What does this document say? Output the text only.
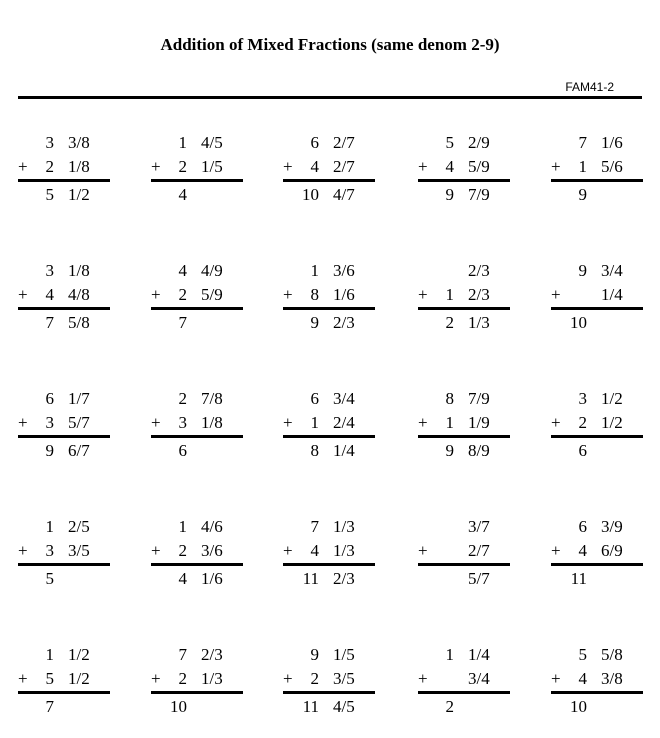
Addition of Mixed Fractions (same denom 2-9)
FAM41-2
3 3/8
+	2 1/8
5 1/2
1 4/5
+	2 1/5
4
6 2/7
+	4 2/7
10 4/7
5 2/9
+	4 5/9
9 7/9
7 1/6
+	1 5/6
9
3 1/8
+	4 4/8
7 5/8
4 4/9
+	2 5/9
7
1 3/6
+	8 1/6
9 2/3
2/3
+	1 2/3
2 1/3
9 3/4
+ 1/4
10
6 1/7
+	3 5/7
9 6/7
2 7/8
+	3 1/8
6
6 3/4
+	1 2/4
8 1/4
8 7/9
+	1 1/9
9 8/9
3 1/2
+	2 1/2
6
1 2/5
+	3 3/5
5
1 4/6
+	2 3/6
4 1/6
7 1/3
+	4 1/3
11 2/3
3/7
+ 2/7
5/7
6 3/9
+	4 6/9
11
1 1/2
+	5 1/2
7
7 2/3
+	2 1/3
10
9 1/5
+	2 3/5
11 4/5
1 1/4
+ 3/4
2
5 5/8
+	4 3/8
10
